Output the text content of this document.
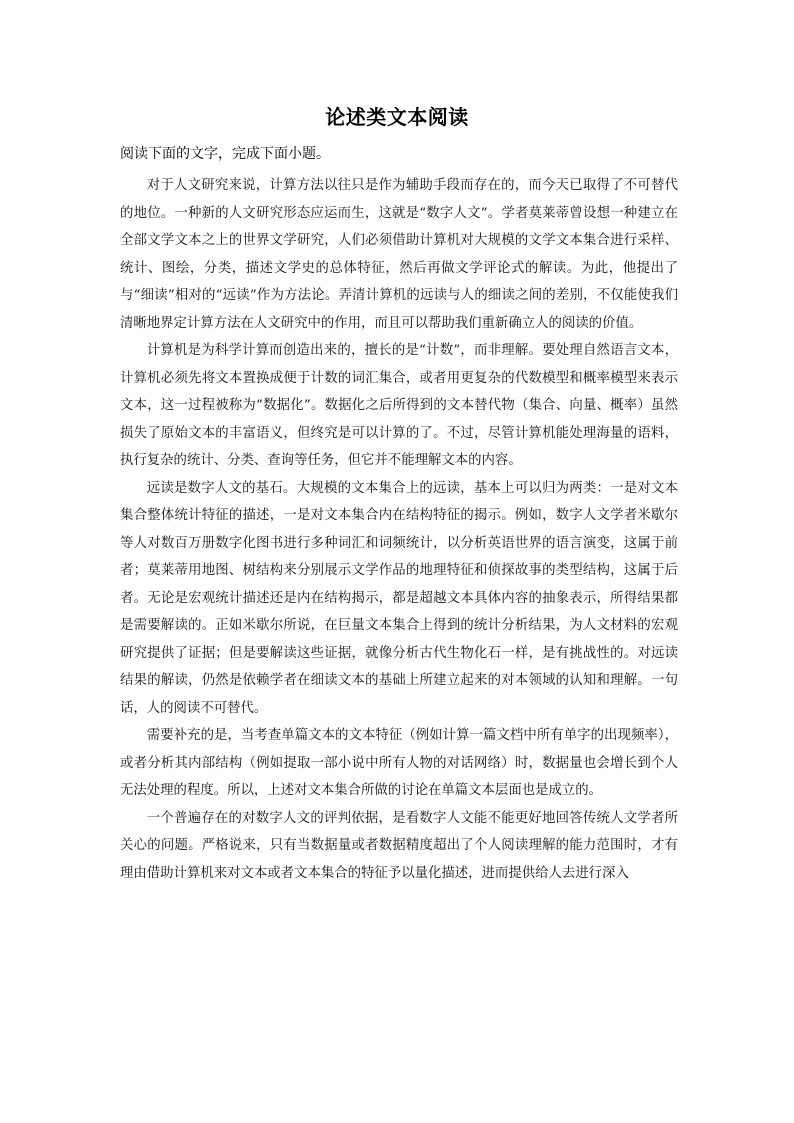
论述类文本阅读
阅读下面的文字，完成下面小题。

对于人文研究来说，计算方法以往只是作为辅助手段而存在的，而今天已取得了不可替代的地位。一种新的人文研究形态应运而生，这就是“数字人文”。学者莫莱蒂曾设想一种建立在全部文学文本之上的世界文学研究，人们必须借助计算机对大规模的文学文本集合进行采样、统计、图绘，分类，描述文学史的总体特征，然后再做文学评论式的解读。为此，他提出了与“细读”相对的“远读”作为方法论。弄清计算机的远读与人的细读之间的差别，不仅能使我们清晰地界定计算方法在人文研究中的作用，而且可以帮助我们重新确立人的阅读的价值。

计算机是为科学计算而创造出来的，擅长的是“计数”，而非理解。要处理自然语言文本，计算机必须先将文本置换成便于计数的词汇集合，或者用更复杂的代数模型和概率模型来表示文本，这一过程被称为“数据化”。数据化之后所得到的文本替代物（集合、向量、概率）虽然损失了原始文本的丰富语义，但终究是可以计算的了。不过，尽管计算机能处理海量的语料，执行复杂的统计、分类、查询等任务，但它并不能理解文本的内容。

远读是数字人文的基石。大规模的文本集合上的远读，基本上可以归为两类：一是对文本集合整体统计特征的描述，一是对文本集合内在结构特征的揭示。例如，数字人文学者米歇尔等人对数百万册数字化图书进行多种词汇和词频统计，以分析英语世界的语言演变，这属于前者；莫莱蒂用地图、树结构来分别展示文学作品的地理特征和侦探故事的类型结构，这属于后者。无论是宏观统计描述还是内在结构揭示，都是超越文本具体内容的抽象表示，所得结果都是需要解读的。正如米歇尔所说，在巨量文本集合上得到的统计分析结果，为人文材料的宏观研究提供了证据；但是要解读这些证据，就像分析古代生物化石一样，是有挑战性的。对远读结果的解读，仍然是依赖学者在细读文本的基础上所建立起来的对本领域的认知和理解。一句话，人的阅读不可替代。

需要补充的是，当考查单篇文本的文本特征（例如计算一篇文档中所有单字的出现频率），或者分析其内部结构（例如提取一部小说中所有人物的对话网络）时，数据量也会增长到个人无法处理的程度。所以，上述对文本集合所做的讨论在单篇文本层面也是成立的。

一个普遍存在的对数字人文的评判依据，是看数字人文能不能更好地回答传统人文学者所关心的问题。严格说来，只有当数据量或者数据精度超出了个人阅读理解的能力范围时，才有理由借助计算机来对文本或者文本集合的特征予以量化描述，进而提供给人去进行深入
